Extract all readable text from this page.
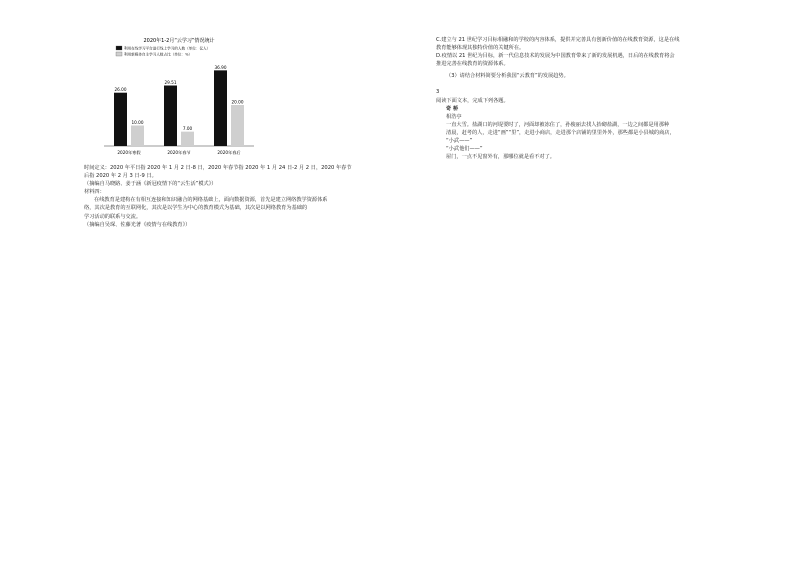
时间定义：2020 年平日指 2020 年 1 月 2 日-8 日，2020 年春节指 2020 年 1 月 24 日-2 月 2 日，2020 年春节

后指 2020 年 2 月 3 日-9 日。

（摘编自马晓路、姜于涵《新冠疫情下的“云生活”模式》）

材料四：

在线教育是建构在有相互连接和知识融合的网络基础上，面向数据资源，首先是建立网络教学资源体系

络，其次是教育的互联网化，其次是以学生为中心的教育模式为基础，其次是以网络教育为基础的

学习活动的联系与交流。

（摘编自吴琛、佐藤光著《疫情与在线教育》）

2020年1-2月“云学习”情况统计
利用在线学习平台进行线上学习的人数（单位：亿人）
利用新媒体自主学习人数占比（单位：%）
26.00
10.00
2020年寒假
29.51
7.00
2020年春节
36.90
20.00
2020年春后

C.建立与 21 世纪学习目标相融和的学校的内容体系，提供并完善具有创新价值的在线教育资源，这是在线

教育能够体现其独特价值的关键所在。

D.疫情以 21 世纪为目标，新一代信息技术的发展为中国教育带来了新的发展机遇，日后的在线教育将会

推进完善在线教育的资源体系。

（3）请结合材料简要分析我国“云教育”的发展趋势。

3

阅读下面文本，完成下列各题。

奇 桥

相浩亭

一直大雪。盐湖口的河堤要时了，河面却被冻住了，孙俊丽去找人抬砌盐湖，一边之间都是用那种

清晨，赶考的人，走进“画”“里”，走进小商店，走进那个店铺的里里外外，那些都是小县城的商店，

“小武——”

“小武他们——”

屋门，一点不见窗外有，那哪位就是看不对了。
